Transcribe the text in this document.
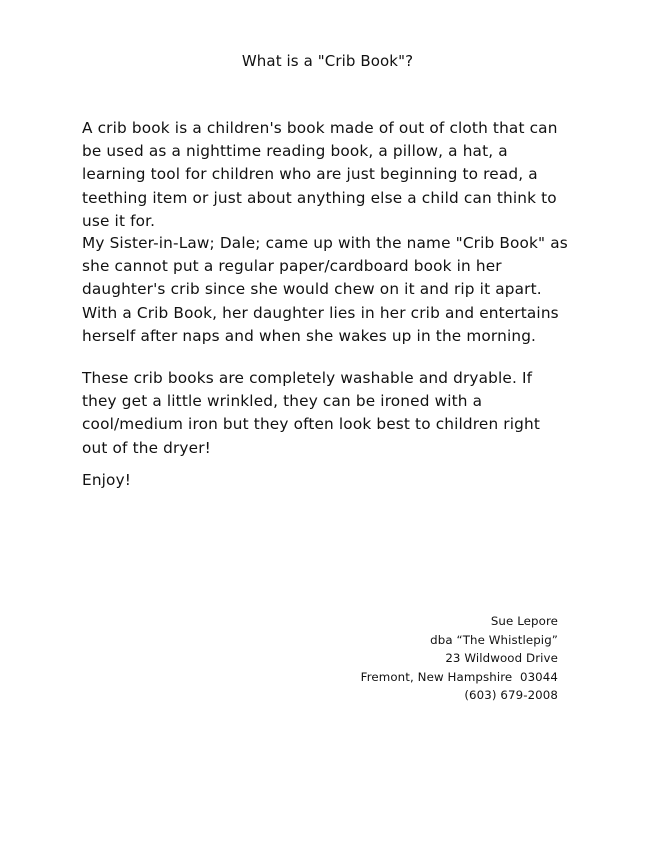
What is a "Crib Book"?

A crib book is a children's book made of out of cloth that can
be used as a nighttime reading book, a pillow, a hat, a
learning tool for children who are just beginning to read, a
teething item or just about anything else a child can think to
use it for.

My Sister-in-Law; Dale; came up with the name "Crib Book" as
she cannot put a regular paper/cardboard book in her
daughter's crib since she would chew on it and rip it apart.
With a Crib Book, her daughter lies in her crib and entertains
herself after naps and when she wakes up in the morning.

These crib books are completely washable and dryable. If
they get a little wrinkled, they can be ironed with a
cool/medium iron but they often look best to children right
out of the dryer!

Enjoy!

Sue Lepore
dba “The Whistlepig”
23 Wildwood Drive
Fremont, New Hampshire  03044
(603) 679-2008
